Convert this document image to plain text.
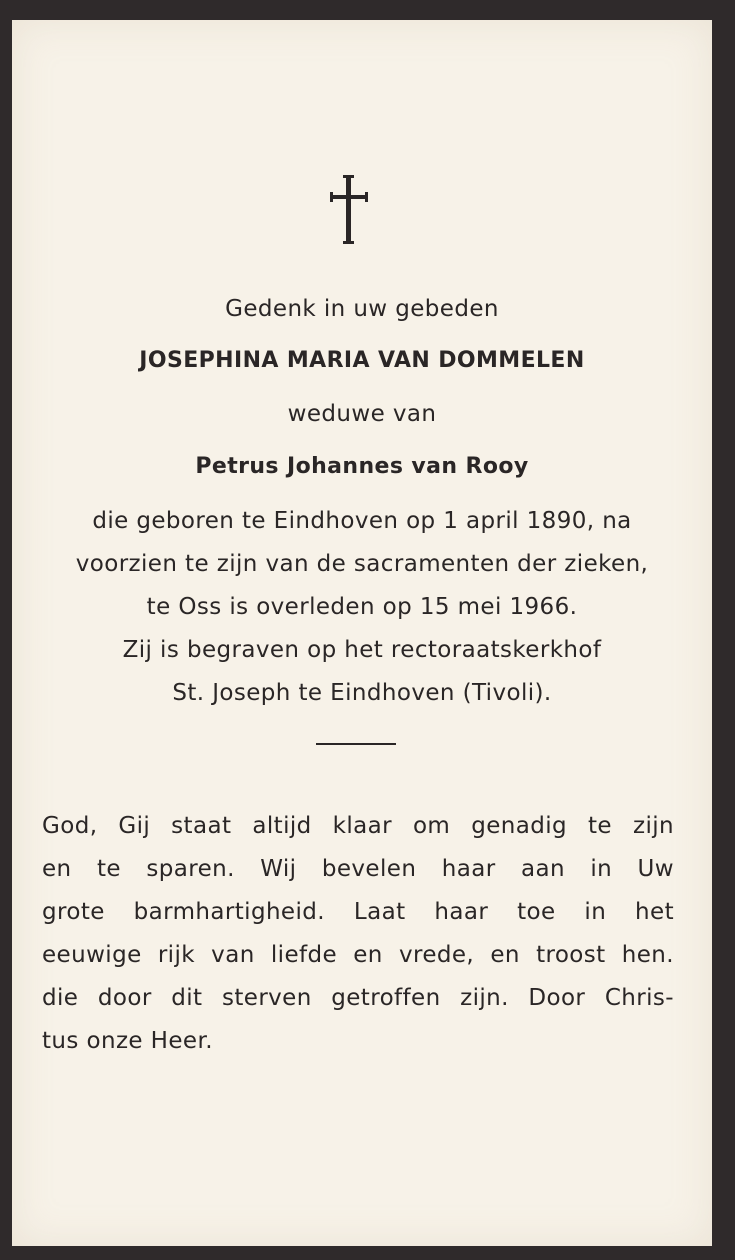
Gedenk in uw gebeden
JOSEPHINA MARIA VAN DOMMELEN
weduwe van
Petrus Johannes van Rooy
die geboren te Eindhoven op 1 april 1890, na
voorzien te zijn van de sacramenten der zieken,
te Oss is overleden op 15 mei 1966.
Zij is begraven op het rectoraatskerkhof
St. Joseph te Eindhoven (Tivoli).
God, Gij staat altijd klaar om genadig te zijn
en te sparen. Wij bevelen haar aan in Uw
grote barmhartigheid. Laat haar toe in het
eeuwige rijk van liefde en vrede, en troost hen.
die door dit sterven getroffen zijn. Door Chris-
tus onze Heer.
